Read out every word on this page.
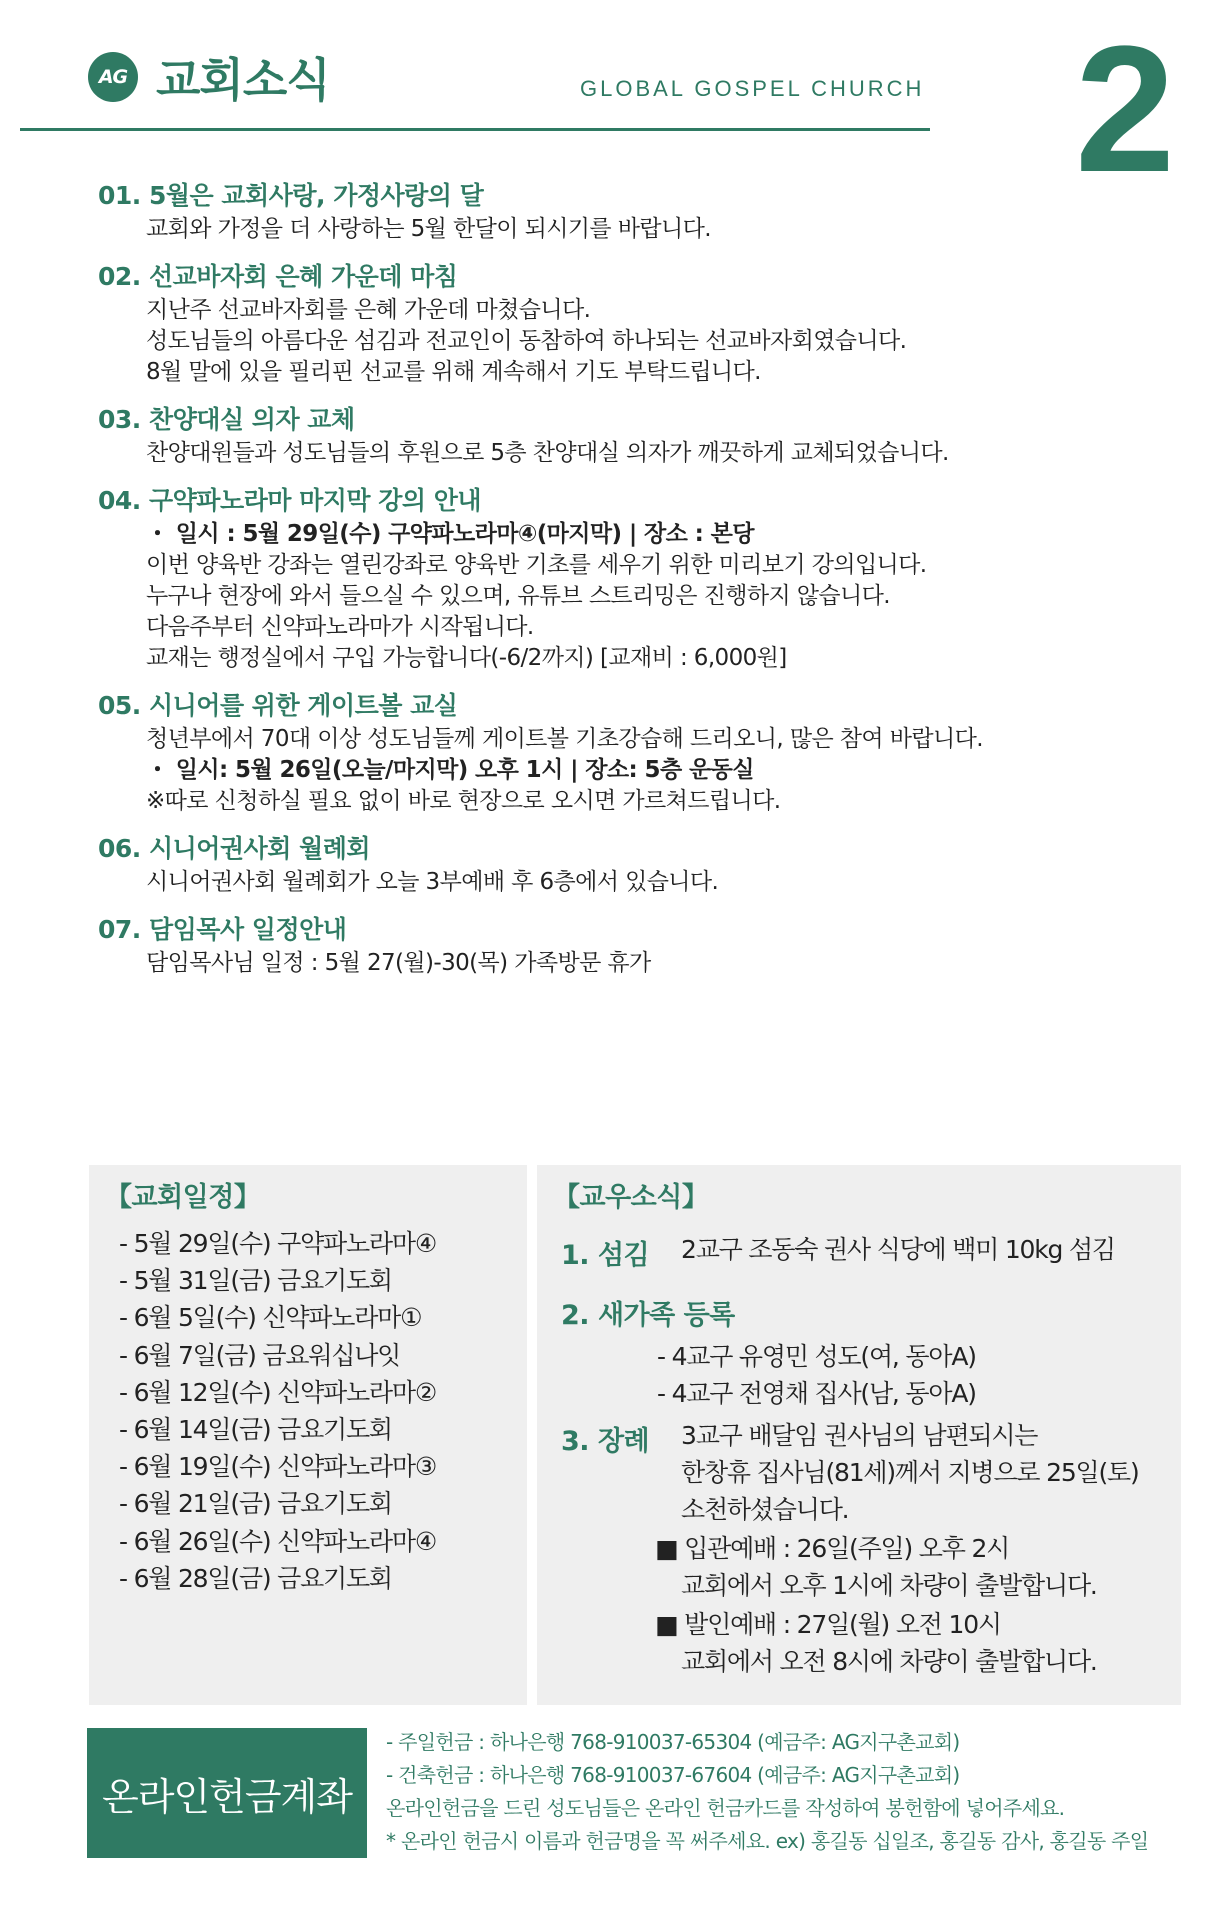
AG 교회소식	GLOBAL GOSPEL CHURCH 2
01. 5월은 교회사랑, 가정사랑의 달
교회와 가정을 더 사랑하는 5월 한달이 되시기를 바랍니다.
02. 선교바자회 은혜 가운데 마침
지난주 선교바자회를 은혜 가운데 마쳤습니다.
성도님들의 아름다운 섬김과 전교인이 동참하여 하나되는 선교바자회였습니다.
8월 말에 있을 필리핀 선교를 위해 계속해서 기도 부탁드립니다.
03. 찬양대실 의자 교체
찬양대원들과 성도님들의 후원으로 5층 찬양대실 의자가 깨끗하게 교체되었습니다.
04. 구약파노라마 마지막 강의 안내
・ 일시 : 5월 29일(수) 구약파노라마④(마지막) | 장소 : 본당
이번 양육반 강좌는 열린강좌로 양육반 기초를 세우기 위한 미리보기 강의입니다.
누구나 현장에 와서 들으실 수 있으며, 유튜브 스트리밍은 진행하지 않습니다.
다음주부터 신약파노라마가 시작됩니다.
교재는 행정실에서 구입 가능합니다(-6/2까지) [교재비 : 6,000원]
05. 시니어를 위한 게이트볼 교실
청년부에서 70대 이상 성도님들께 게이트볼 기초강습해 드리오니, 많은 참여 바랍니다.
・ 일시: 5월 26일(오늘/마지막) 오후 1시 | 장소: 5층 운동실
※따로 신청하실 필요 없이 바로 현장으로 오시면 가르쳐드립니다.
06. 시니어권사회 월례회
시니어권사회 월례회가 오늘 3부예배 후 6층에서 있습니다.
07. 담임목사 일정안내
담임목사님 일정 : 5월 27(월)-30(목) 가족방문 휴가
【교회일정】
- 5월 29일(수) 구약파노라마④
- 5월 31일(금) 금요기도회
- 6월 5일(수) 신약파노라마①
- 6월 7일(금) 금요워십나잇
- 6월 12일(수) 신약파노라마②
- 6월 14일(금) 금요기도회
- 6월 19일(수) 신약파노라마③
- 6월 21일(금) 금요기도회
- 6월 26일(수) 신약파노라마④
- 6월 28일(금) 금요기도회
【교우소식】
1. 섬김 2교구 조동숙 권사 식당에 백미 10kg 섬김
2. 새가족 등록
- 4교구 유영민 성도(여, 동아A)
- 4교구 전영채 집사(남, 동아A)
3. 장례 3교구 배달임 권사님의 남편되시는
한창휴 집사님(81세)께서 지병으로 25일(토)
소천하셨습니다.
■ 입관예배 : 26일(주일) 오후 2시
교회에서 오후 1시에 차량이 출발합니다.
■ 발인예배 : 27일(월) 오전 10시
교회에서 오전 8시에 차량이 출발합니다.
온라인헌금계좌
- 주일헌금 : 하나은행 768-910037-65304 (예금주: AG지구촌교회)
- 건축헌금 : 하나은행 768-910037-67604 (예금주: AG지구촌교회)
온라인헌금을 드린 성도님들은 온라인 헌금카드를 작성하여 봉헌함에 넣어주세요.
* 온라인 헌금시 이름과 헌금명을 꼭 써주세요. ex) 홍길동 십일조, 홍길동 감사, 홍길동 주일
